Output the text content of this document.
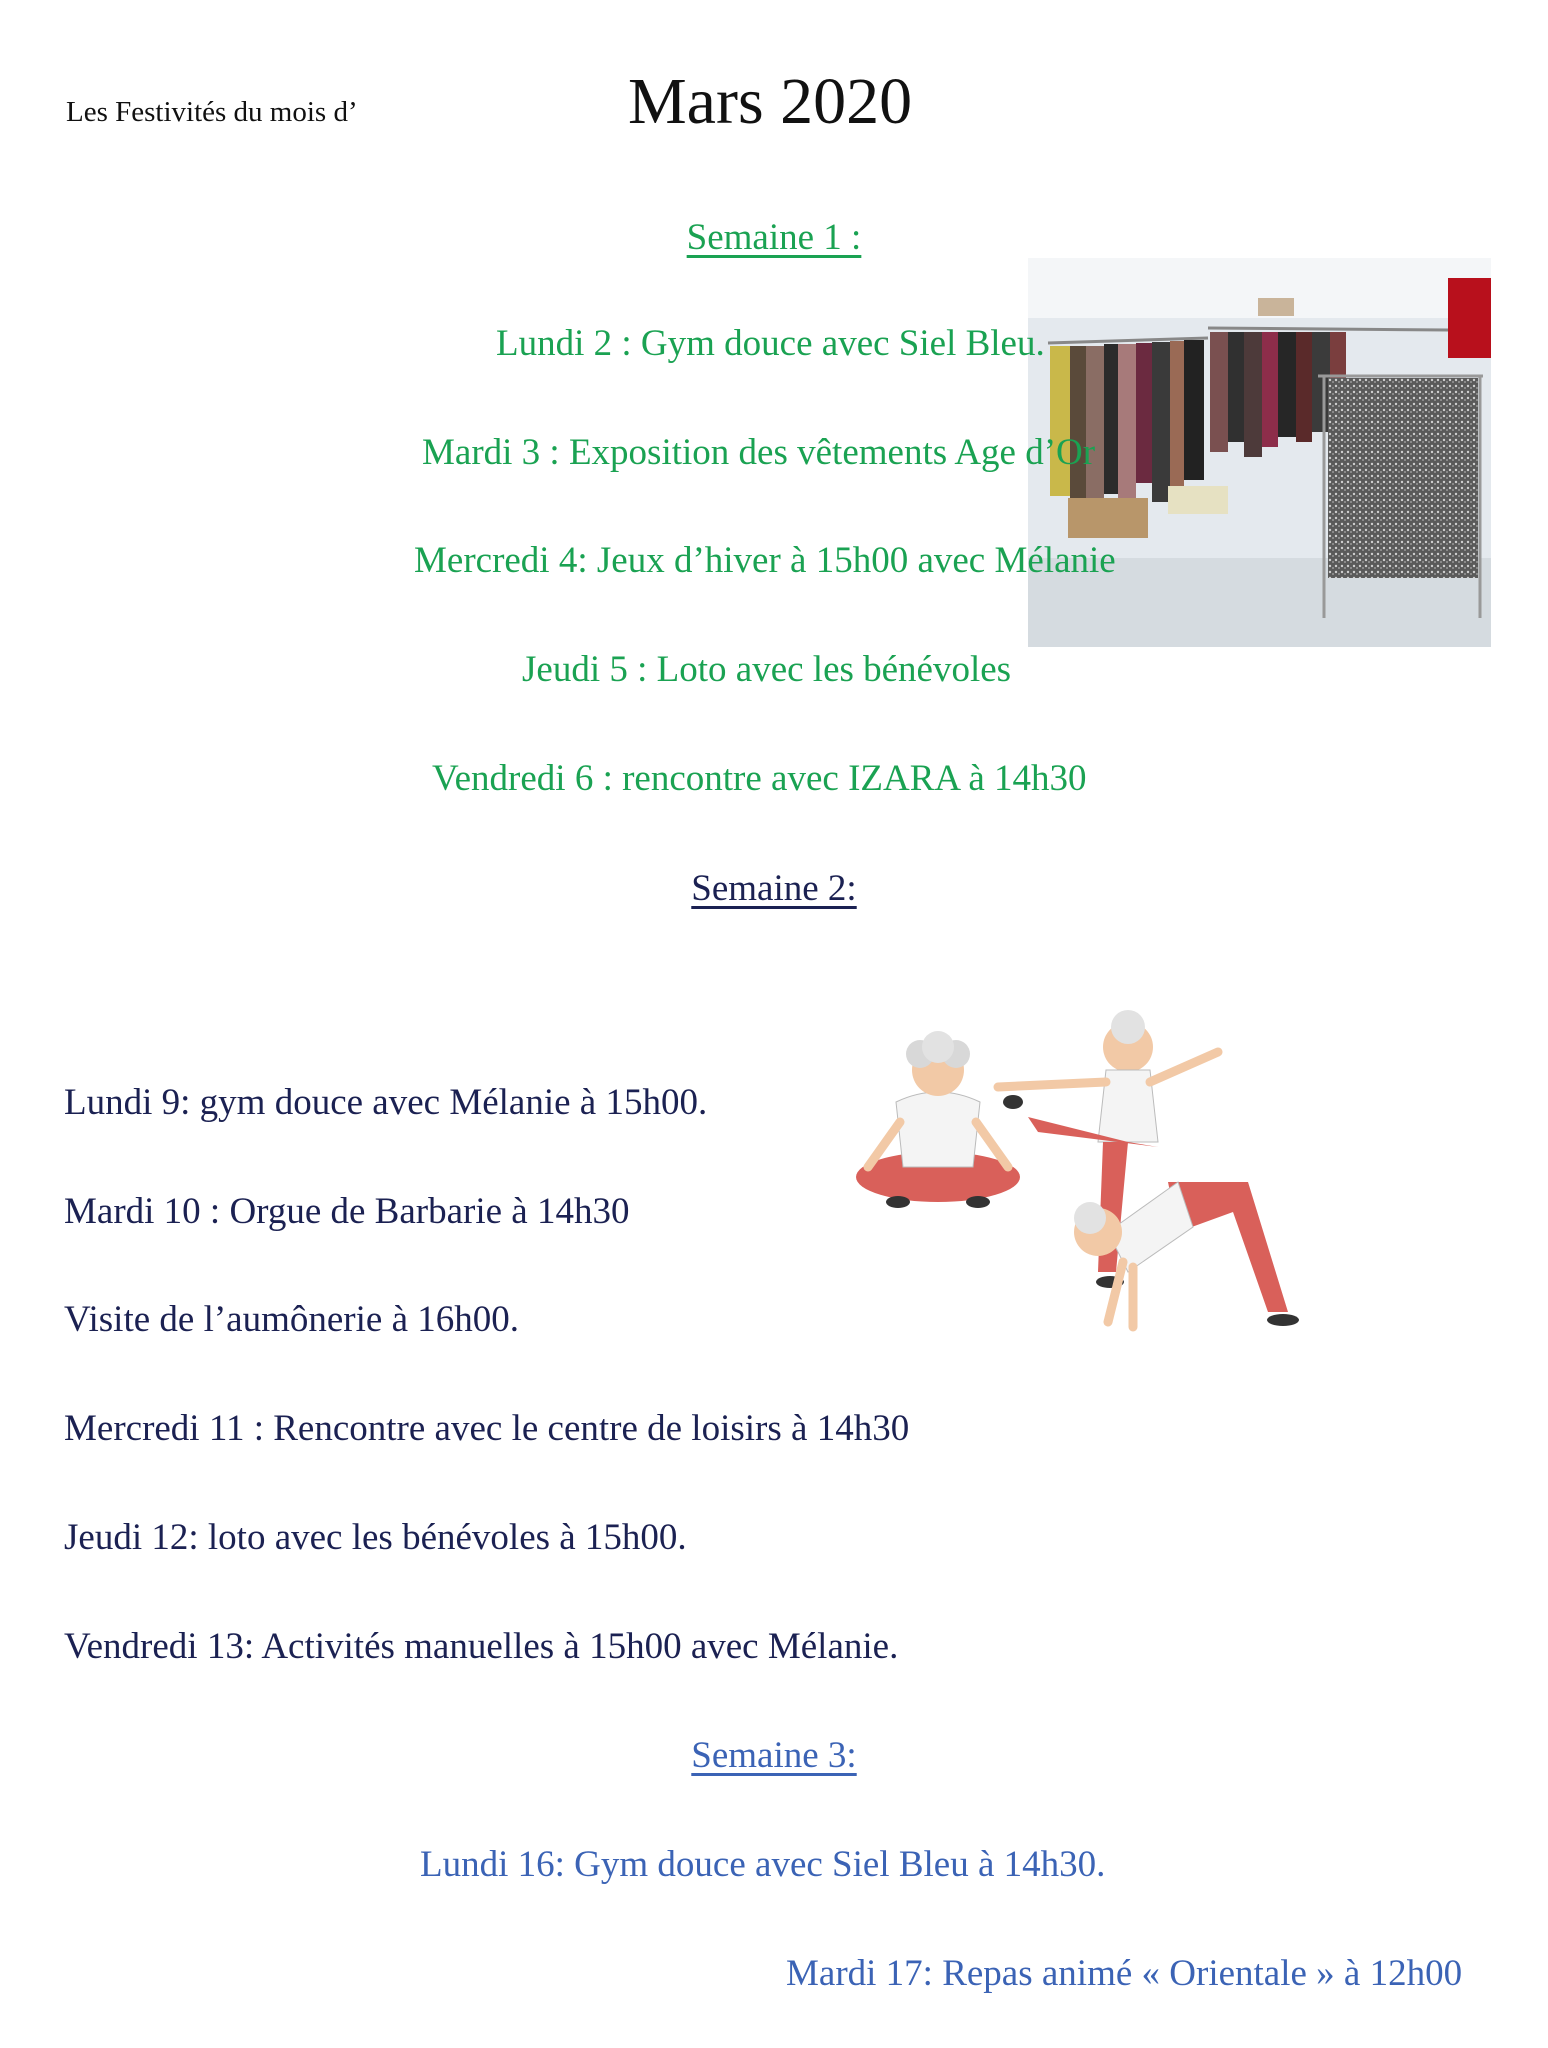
Les Festivités du mois d’	Mars 2020
Semaine 1 :
Lundi 2 : Gym douce avec Siel Bleu.
Mardi 3 : Exposition des vêtements Age d’Or
Mercredi 4: Jeux d’hiver à 15h00 avec Mélanie
Jeudi 5 : Loto avec les bénévoles
Vendredi 6 : rencontre avec IZARA à 14h30
Semaine 2:
Lundi 9: gym douce avec Mélanie à 15h00.
Mardi 10 : Orgue de Barbarie à 14h30
Visite de l’aumônerie à 16h00.
Mercredi 11 : Rencontre avec le centre de loisirs à 14h30
Jeudi 12: loto avec les bénévoles à 15h00.
Vendredi 13: Activités manuelles à 15h00 avec Mélanie.
Semaine 3:
Lundi 16: Gym douce avec Siel Bleu à 14h30.
Mardi 17: Repas animé « Orientale » à 12h00
